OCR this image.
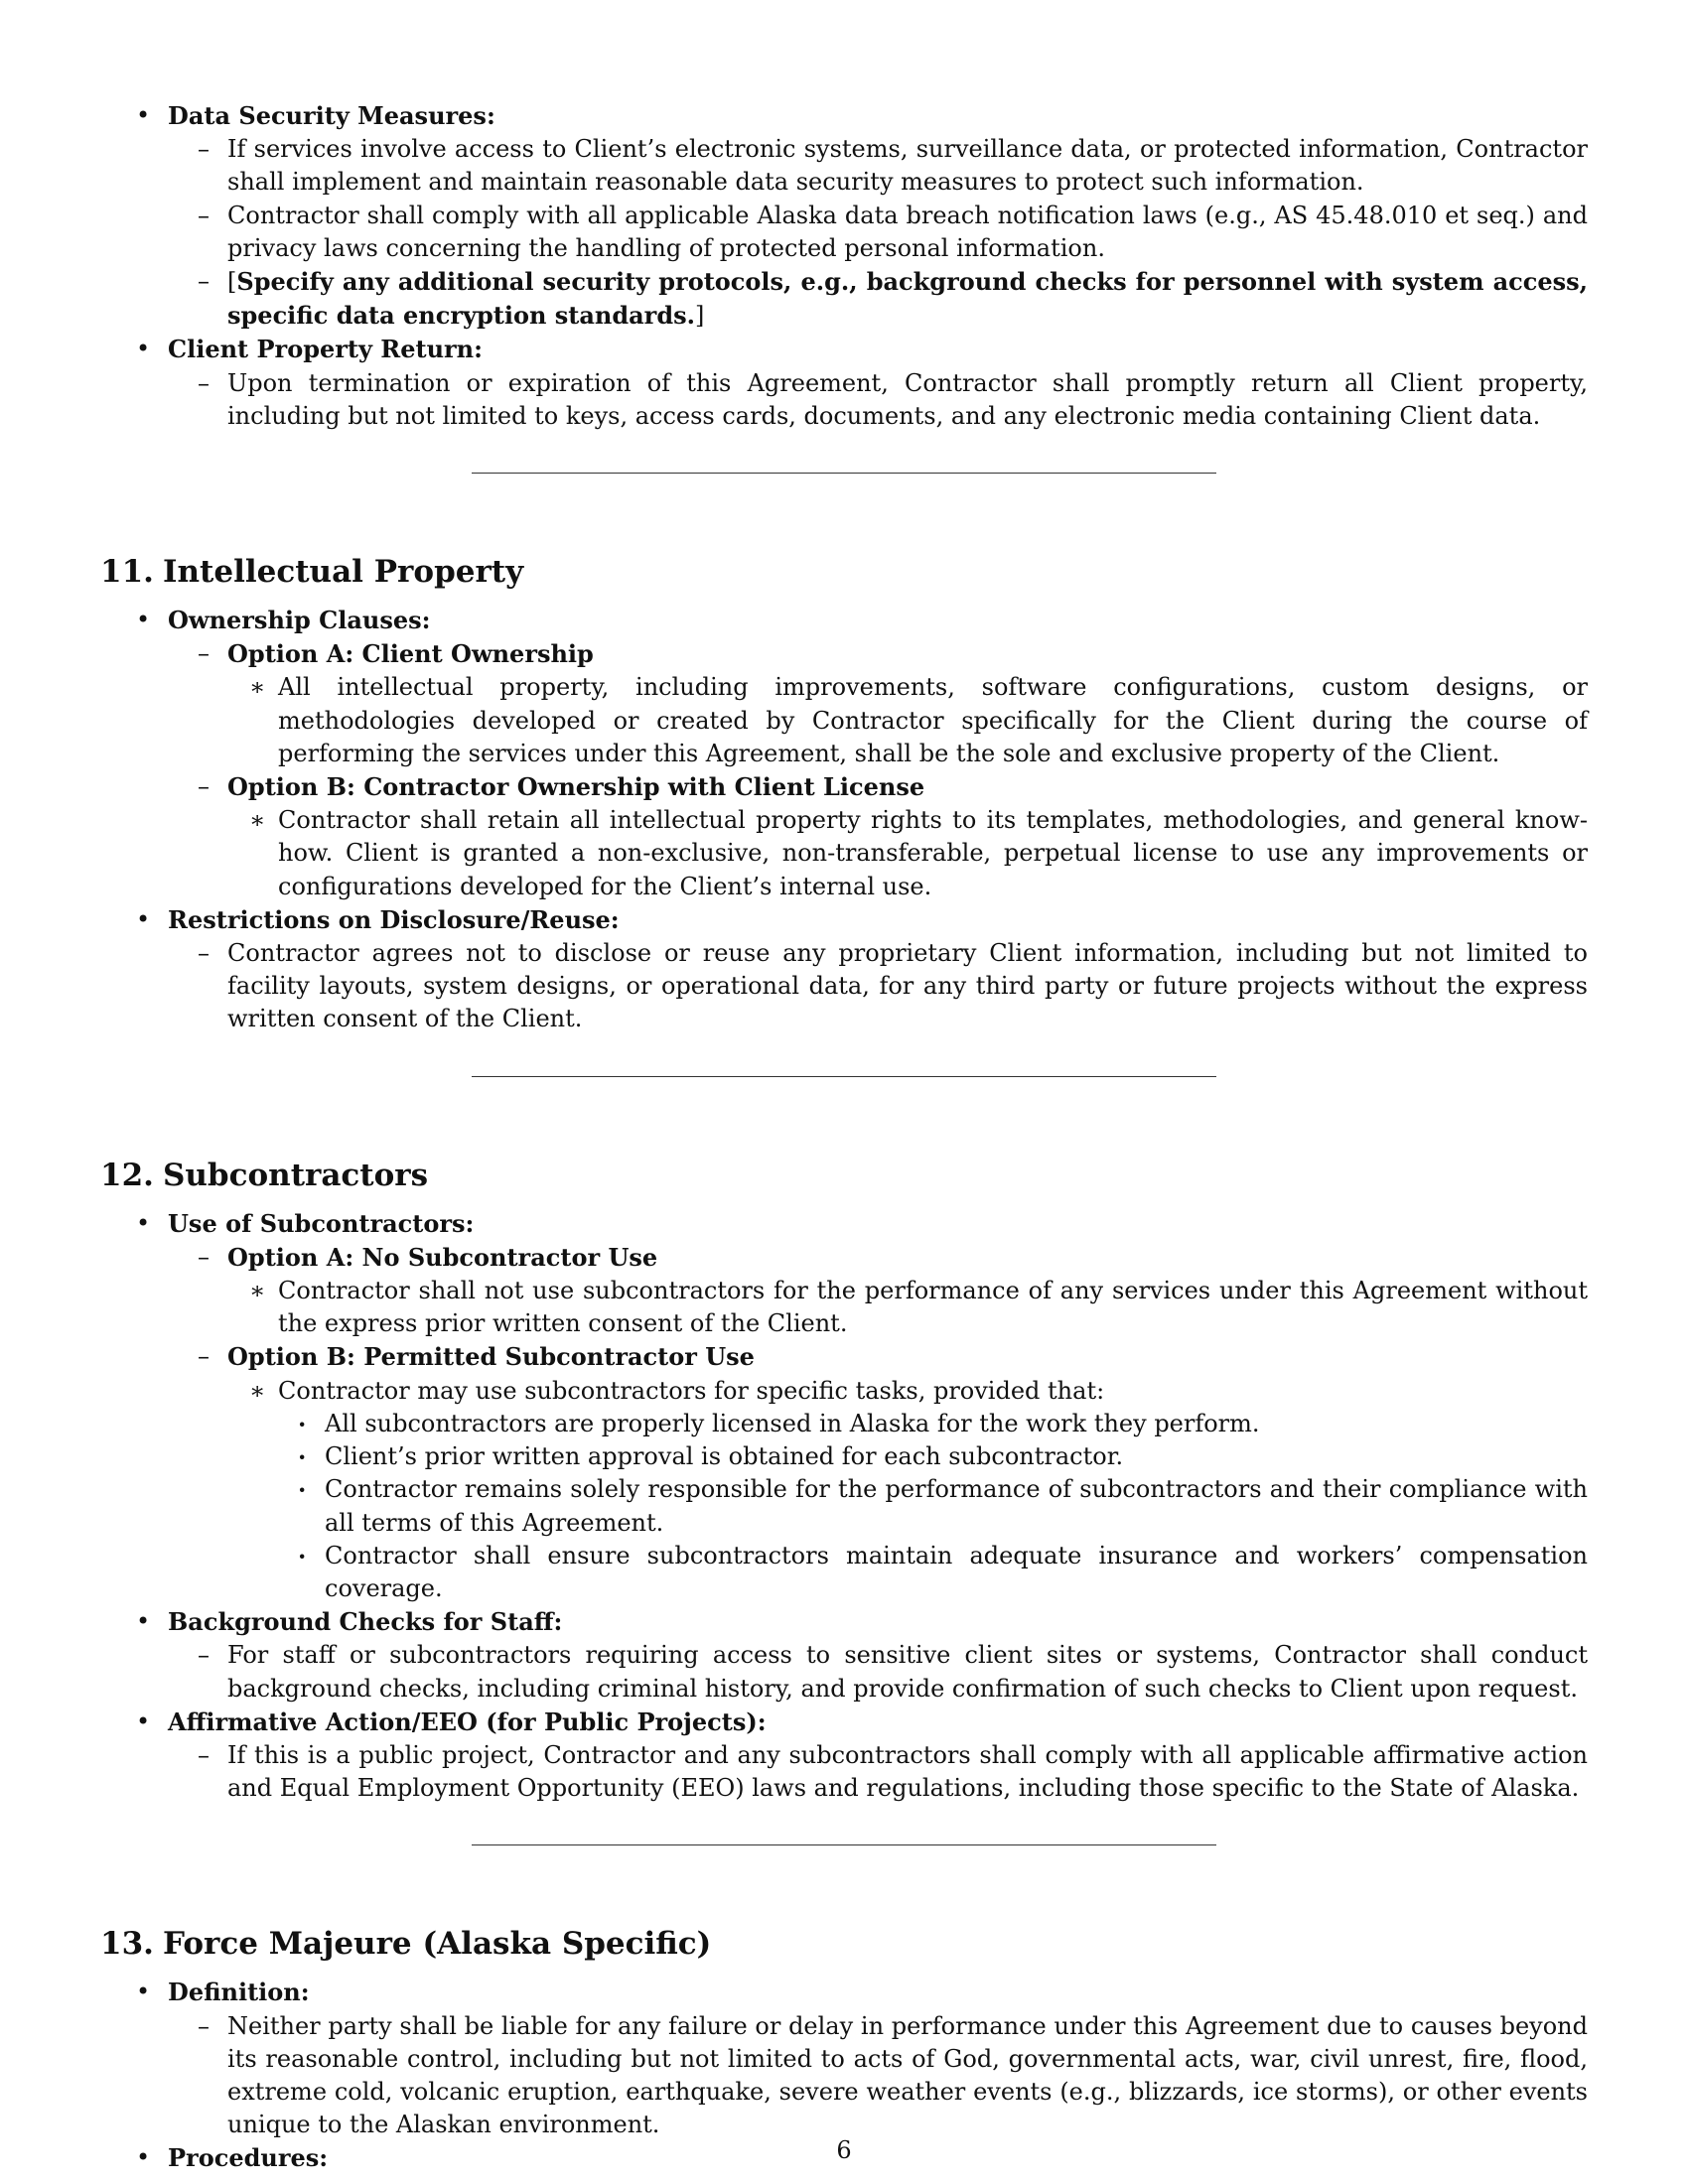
• Data Security Measures:
– If services involve access to Client’s electronic systems, surveillance data, or protected information, Contractor shall implement and maintain reasonable data security measures to protect such information.
– Contractor shall comply with all applicable Alaska data breach notification laws (e.g., AS 45.48.010 et seq.) and privacy laws concerning the handling of protected personal information.
– [Specify any additional security protocols, e.g., background checks for personnel with system access, specific data encryption standards.]
• Client Property Return:
– Upon termination or expiration of this Agreement, Contractor shall promptly return all Client property, including but not limited to keys, access cards, documents, and any electronic media containing Client data.
11. Intellectual Property
• Ownership Clauses:
– Option A: Client Ownership
∗ All intellectual property, including improvements, software configurations, custom designs, or methodologies developed or created by Contractor specifically for the Client during the course of performing the services under this Agreement, shall be the sole and exclusive property of the Client.
– Option B: Contractor Ownership with Client License
∗ Contractor shall retain all intellectual property rights to its templates, methodologies, and general know-how. Client is granted a non-exclusive, non-transferable, perpetual license to use any improvements or configurations developed for the Client’s internal use.
• Restrictions on Disclosure/Reuse:
– Contractor agrees not to disclose or reuse any proprietary Client information, including but not limited to facility layouts, system designs, or operational data, for any third party or future projects without the express written consent of the Client.
12. Subcontractors
• Use of Subcontractors:
– Option A: No Subcontractor Use
∗ Contractor shall not use subcontractors for the performance of any services under this Agreement without the express prior written consent of the Client.
– Option B: Permitted Subcontractor Use
∗ Contractor may use subcontractors for specific tasks, provided that:
· All subcontractors are properly licensed in Alaska for the work they perform.
· Client’s prior written approval is obtained for each subcontractor.
· Contractor remains solely responsible for the performance of subcontractors and their compliance with all terms of this Agreement.
· Contractor shall ensure subcontractors maintain adequate insurance and workers’ compensation coverage.
• Background Checks for Staff:
– For staff or subcontractors requiring access to sensitive client sites or systems, Contractor shall conduct background checks, including criminal history, and provide confirmation of such checks to Client upon request.
• Affirmative Action/EEO (for Public Projects):
– If this is a public project, Contractor and any subcontractors shall comply with all applicable affirmative action and Equal Employment Opportunity (EEO) laws and regulations, including those specific to the State of Alaska.
13. Force Majeure (Alaska Specific)
• Definition:
– Neither party shall be liable for any failure or delay in performance under this Agreement due to causes beyond its reasonable control, including but not limited to acts of God, governmental acts, war, civil unrest, fire, flood, extreme cold, volcanic eruption, earthquake, severe weather events (e.g., blizzards, ice storms), or other events unique to the Alaskan environment.
• Procedures:	6
